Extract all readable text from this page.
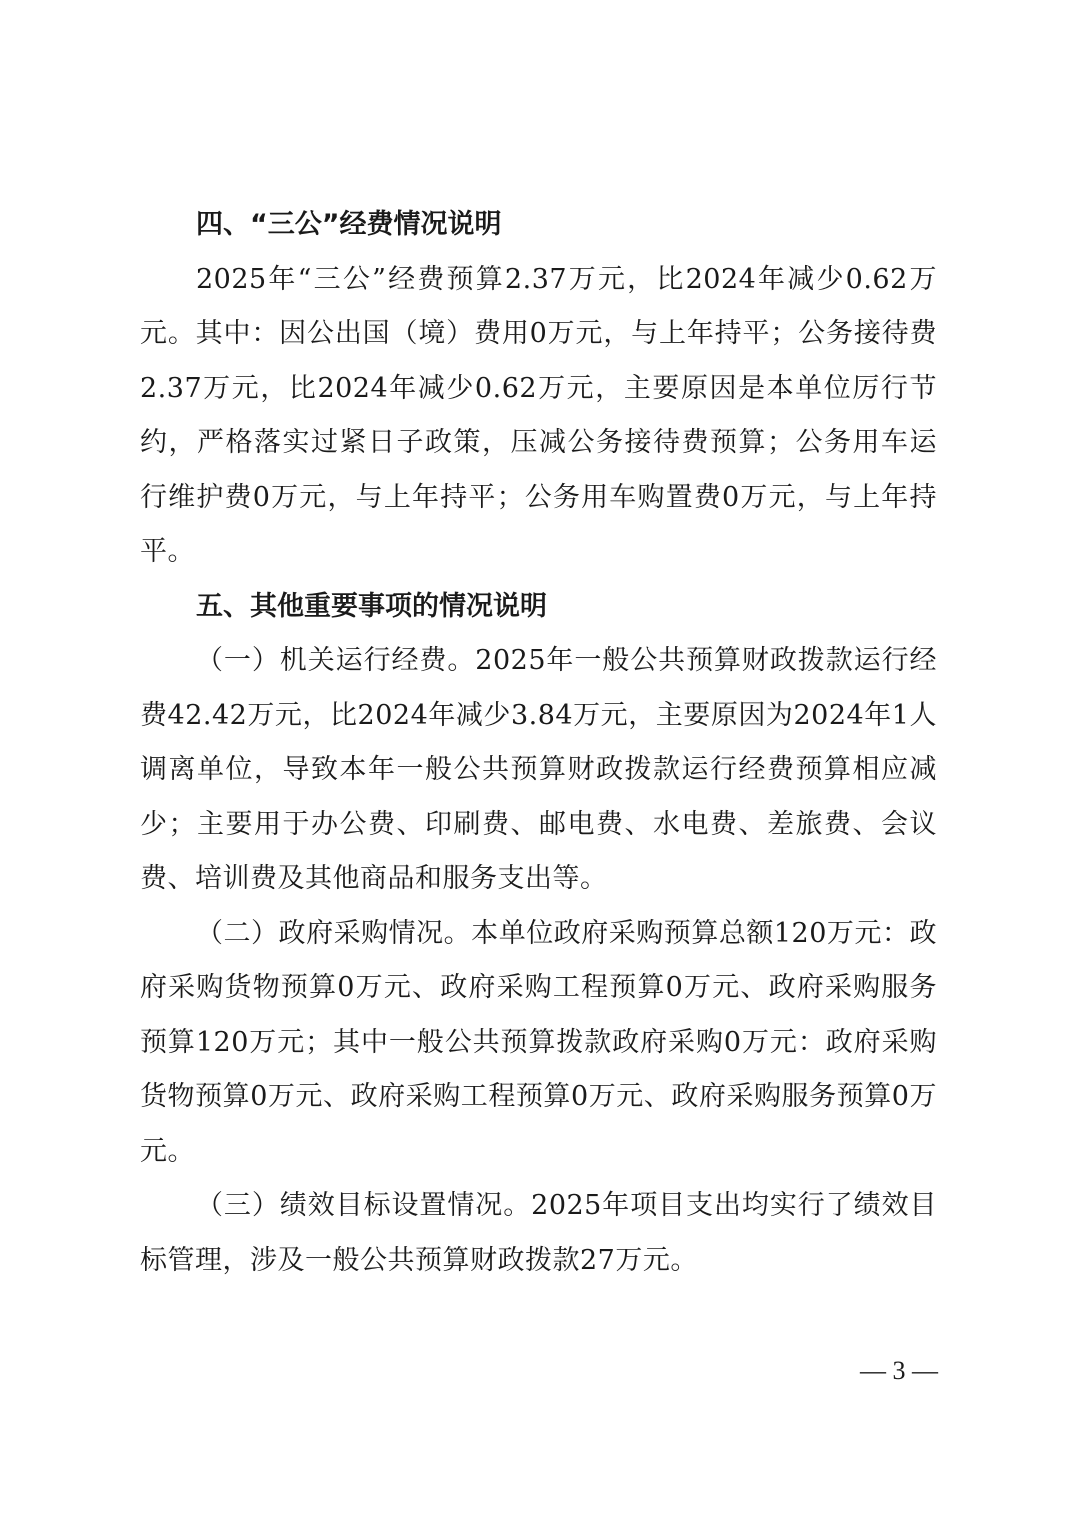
四、“三公”经费情况说明

2025年“三公”经费预算2.37万元，比2024年减少0.62万元。其中：因公出国（境）费用0万元，与上年持平；公务接待费2.37万元，比2024年减少0.62万元，主要原因是本单位厉行节约，严格落实过紧日子政策，压减公务接待费预算；公务用车运行维护费0万元，与上年持平；公务用车购置费0万元，与上年持平。

五、其他重要事项的情况说明

（一）机关运行经费。2025年一般公共预算财政拨款运行经费42.42万元，比2024年减少3.84万元，主要原因为2024年1人调离单位，导致本年一般公共预算财政拨款运行经费预算相应减少；主要用于办公费、印刷费、邮电费、水电费、差旅费、会议费、培训费及其他商品和服务支出等。

（二）政府采购情况。本单位政府采购预算总额120万元：政府采购货物预算0万元、政府采购工程预算0万元、政府采购服务预算120万元；其中一般公共预算拨款政府采购0万元：政府采购货物预算0万元、政府采购工程预算0万元、政府采购服务预算0万元。

（三）绩效目标设置情况。2025年项目支出均实行了绩效目标管理，涉及一般公共预算财政拨款27万元。

— 3 —
